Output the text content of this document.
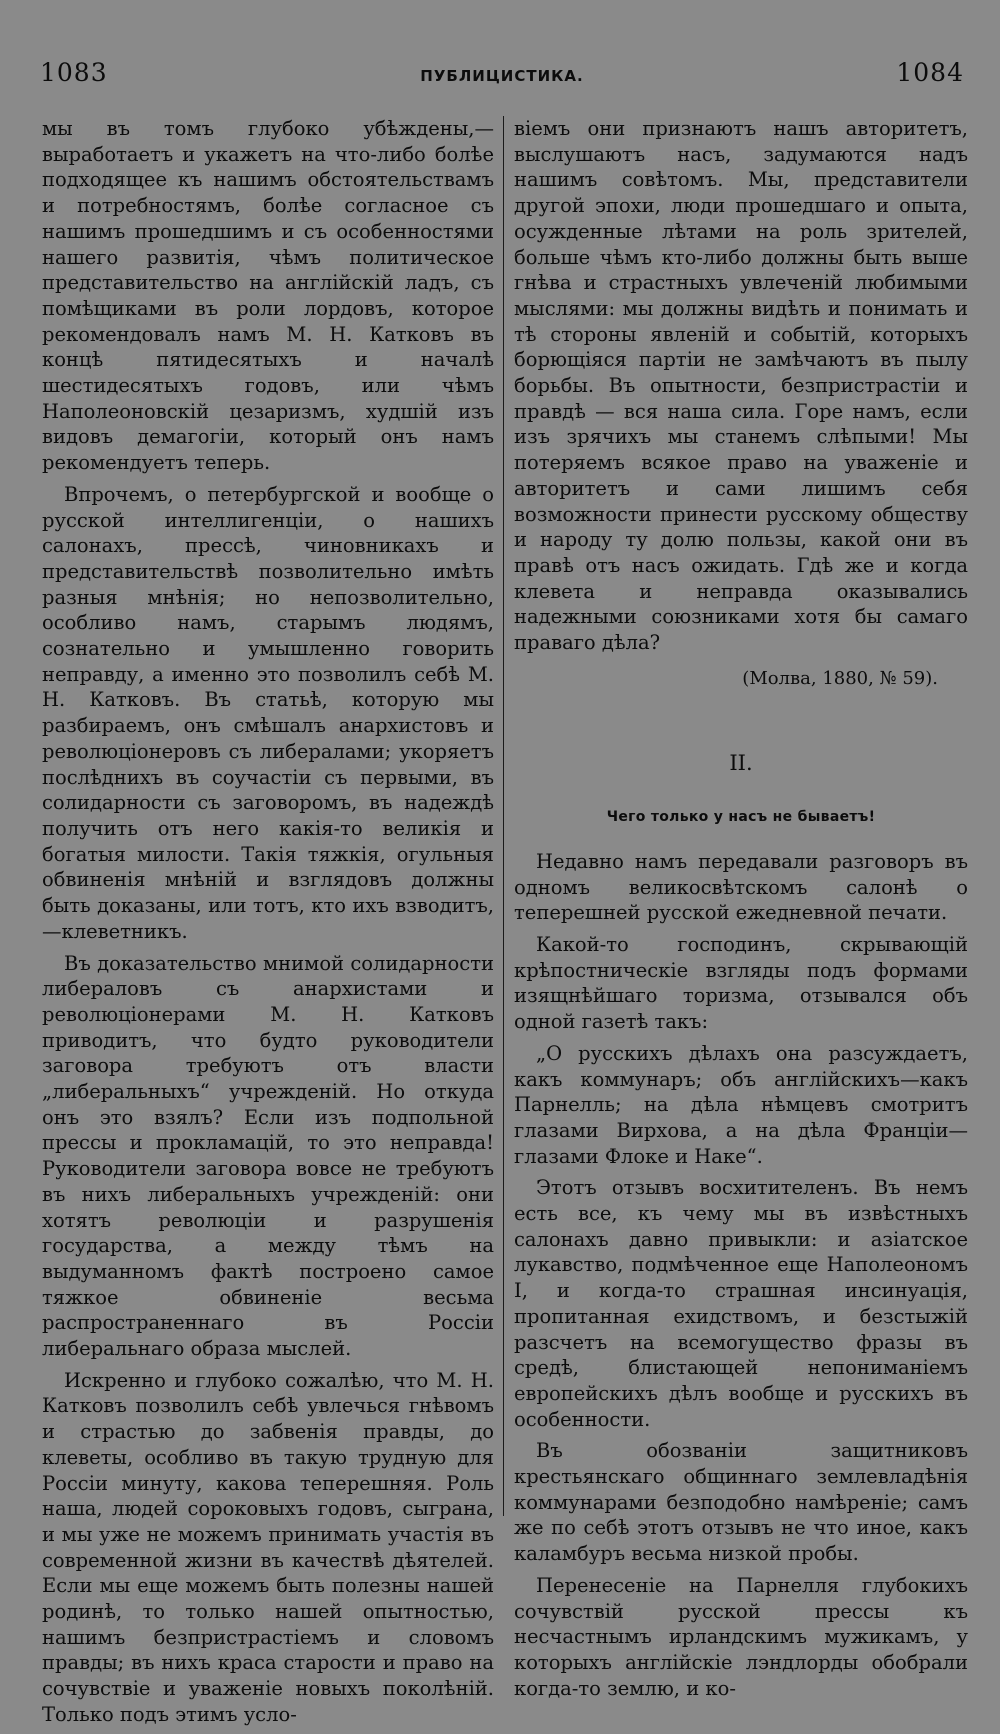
1083	ПУБЛИЦИСТИКА.	1084

мы въ томъ глубоко убѣждены,—выработаетъ и укажетъ на что-либо болѣе подходящее къ нашимъ обстоятельствамъ и потребностямъ, болѣе согласное съ нашимъ прошедшимъ и съ особенностями нашего развитія, чѣмъ политическое представительство на англійскій ладъ, съ помѣщиками въ роли лордовъ, которое рекомендовалъ намъ М. Н. Катковъ въ концѣ пятидесятыхъ и началѣ шестидесятыхъ годовъ, или чѣмъ Наполеоновскій цезаризмъ, худшій изъ видовъ демагогіи, который онъ намъ рекомендуетъ теперь.

Впрочемъ, о петербургской и вообще о русской интеллигенціи, о нашихъ салонахъ, прессѣ, чиновникахъ и представительствѣ позволительно имѣть разныя мнѣнія; но непозволительно, особливо намъ, старымъ людямъ, сознательно и умышленно говорить неправду, а именно это позволилъ себѣ М. Н. Катковъ. Въ статьѣ, которую мы разбираемъ, онъ смѣшалъ анархистовъ и революціонеровъ съ либералами; укоряетъ послѣднихъ въ соучастіи съ первыми, въ солидарности съ заговоромъ, въ надеждѣ получить отъ него какія-то великія и богатыя милости. Такія тяжкія, огульныя обвиненія мнѣній и взглядовъ должны быть доказаны, или тотъ, кто ихъ взводитъ,—клеветникъ.

Въ доказательство мнимой солидарности либераловъ съ анархистами и революціонерами М. Н. Катковъ приводитъ, что будто руководители заговора требуютъ отъ власти „либеральныхъ“ учрежденій. Но откуда онъ это взялъ? Если изъ подпольной прессы и прокламацій, то это неправда! Руководители заговора вовсе не требуютъ въ нихъ либеральныхъ учрежденій: они хотятъ революціи и разрушенія государства, а между тѣмъ на выдуманномъ фактѣ построено самое тяжкое обвиненіе весьма распространеннаго въ Россіи либеральнаго образа мыслей.

Искренно и глубоко сожалѣю, что М. Н. Катковъ позволилъ себѣ увлечься гнѣвомъ и страстью до забвенія правды, до клеветы, особливо въ такую трудную для Россіи минуту, какова теперешняя. Роль наша, людей сороковыхъ годовъ, сыграна, и мы уже не можемъ принимать участія въ современной жизни въ качествѣ дѣятелей. Если мы еще можемъ быть полезны нашей родинѣ, то только нашей опытностью, нашимъ безпристрастіемъ и словомъ правды; въ нихъ краса старости и право на сочувствіе и уваженіе новыхъ поколѣній. Только подъ этимъ усло-

віемъ они признаютъ нашъ авторитетъ, выслушаютъ насъ, задумаются надъ нашимъ совѣтомъ. Мы, представители другой эпохи, люди прошедшаго и опыта, осужденные лѣтами на роль зрителей, больше чѣмъ кто-либо должны быть выше гнѣва и страстныхъ увлеченій любимыми мыслями: мы должны видѣть и понимать и тѣ стороны явленій и событій, которыхъ борющіяся партіи не замѣчаютъ въ пылу борьбы. Въ опытности, безпристрастіи и правдѣ — вся наша сила. Горе намъ, если изъ зрячихъ мы станемъ слѣпыми! Мы потеряемъ всякое право на уваженіе и авторитетъ и сами лишимъ себя возможности принести русскому обществу и народу ту долю пользы, какой они въ правѣ отъ насъ ожидать. Гдѣ же и когда клевета и неправда оказывались надежными союзниками хотя бы самаго праваго дѣла?

(Молва, 1880, № 59).
II.
Чего только у насъ не бываетъ!

Недавно намъ передавали разговоръ въ одномъ великосвѣтскомъ салонѣ о теперешней русской ежедневной печати.

Какой-то господинъ, скрывающій крѣпостническіе взгляды подъ формами изящнѣйшаго торизма, отзывался объ одной газетѣ такъ:

„О русскихъ дѣлахъ она разсуждаетъ, какъ коммунаръ; объ англійскихъ—какъ Парнелль; на дѣла нѣмцевъ смотритъ глазами Вирхова, а на дѣла Франціи—глазами Флоке и Наке“.

Этотъ отзывъ восхитителенъ. Въ немъ есть все, къ чему мы въ извѣстныхъ салонахъ давно привыкли: и азіатское лукавство, подмѣченное еще Наполеономъ I, и когда-то страшная инсинуація, пропитанная ехидствомъ, и безстыжій разсчетъ на всемогущество фразы въ средѣ, блистающей непониманіемъ европейскихъ дѣлъ вообще и русскихъ въ особенности.

Въ обозваніи защитниковъ крестьянскаго общиннаго землевладѣнія коммунарами безподобно намѣреніе; самъ же по себѣ этотъ отзывъ не что иное, какъ каламбуръ весьма низкой пробы.

Перенесеніе на Парнелля глубокихъ сочувствій русской прессы къ несчастнымъ ирландскимъ мужикамъ, у которыхъ англійскіе лэндлорды обобрали когда-то землю, и ко-
